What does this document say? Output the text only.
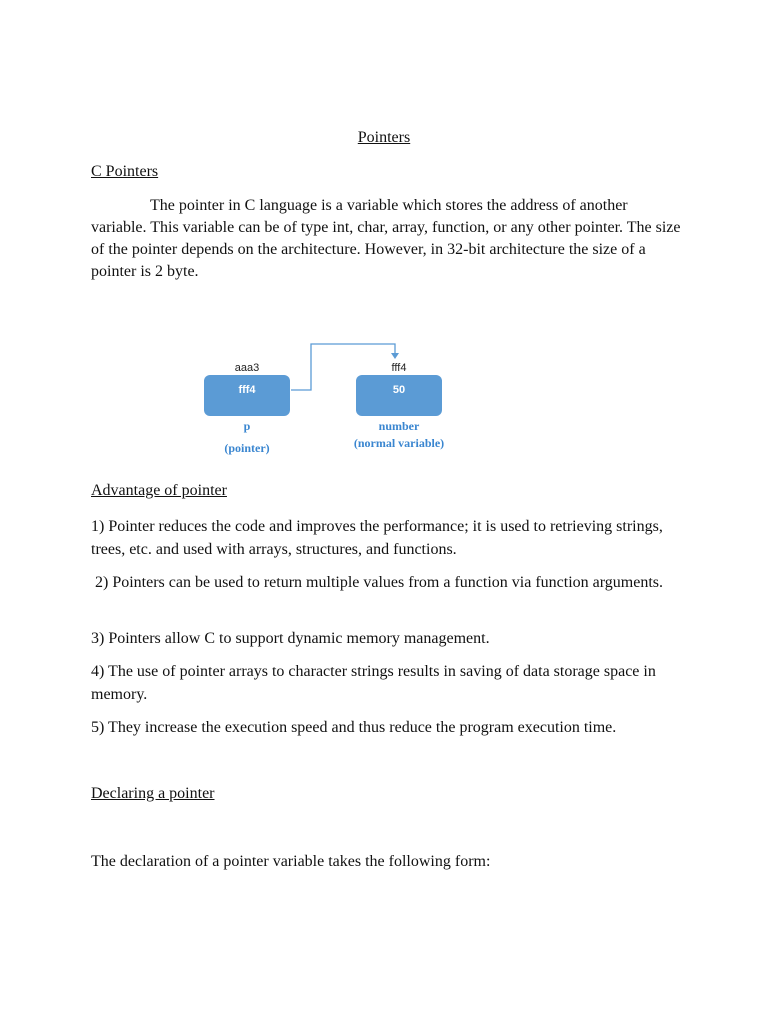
Pointers
C Pointers
The pointer in C language is a variable which stores the address of another variable. This variable can be of type int, char, array, function, or any other pointer. The size of the pointer depends on the architecture. However, in 32-bit architecture the size of a pointer is 2 byte.
aaa3
fff4
p
(pointer)
fff4
50
number
(normal variable)
Advantage of pointer
1) Pointer reduces the code and improves the performance; it is used to retrieving strings, trees, etc. and used with arrays, structures, and functions.
2) Pointers can be used to return multiple values from a function via function arguments.
3) Pointers allow C to support dynamic memory management.
4) The use of pointer arrays to character strings results in saving of data storage space in memory.
5) They increase the execution speed and thus reduce the program execution time.
Declaring a pointer
The declaration of a pointer variable takes the following form:
